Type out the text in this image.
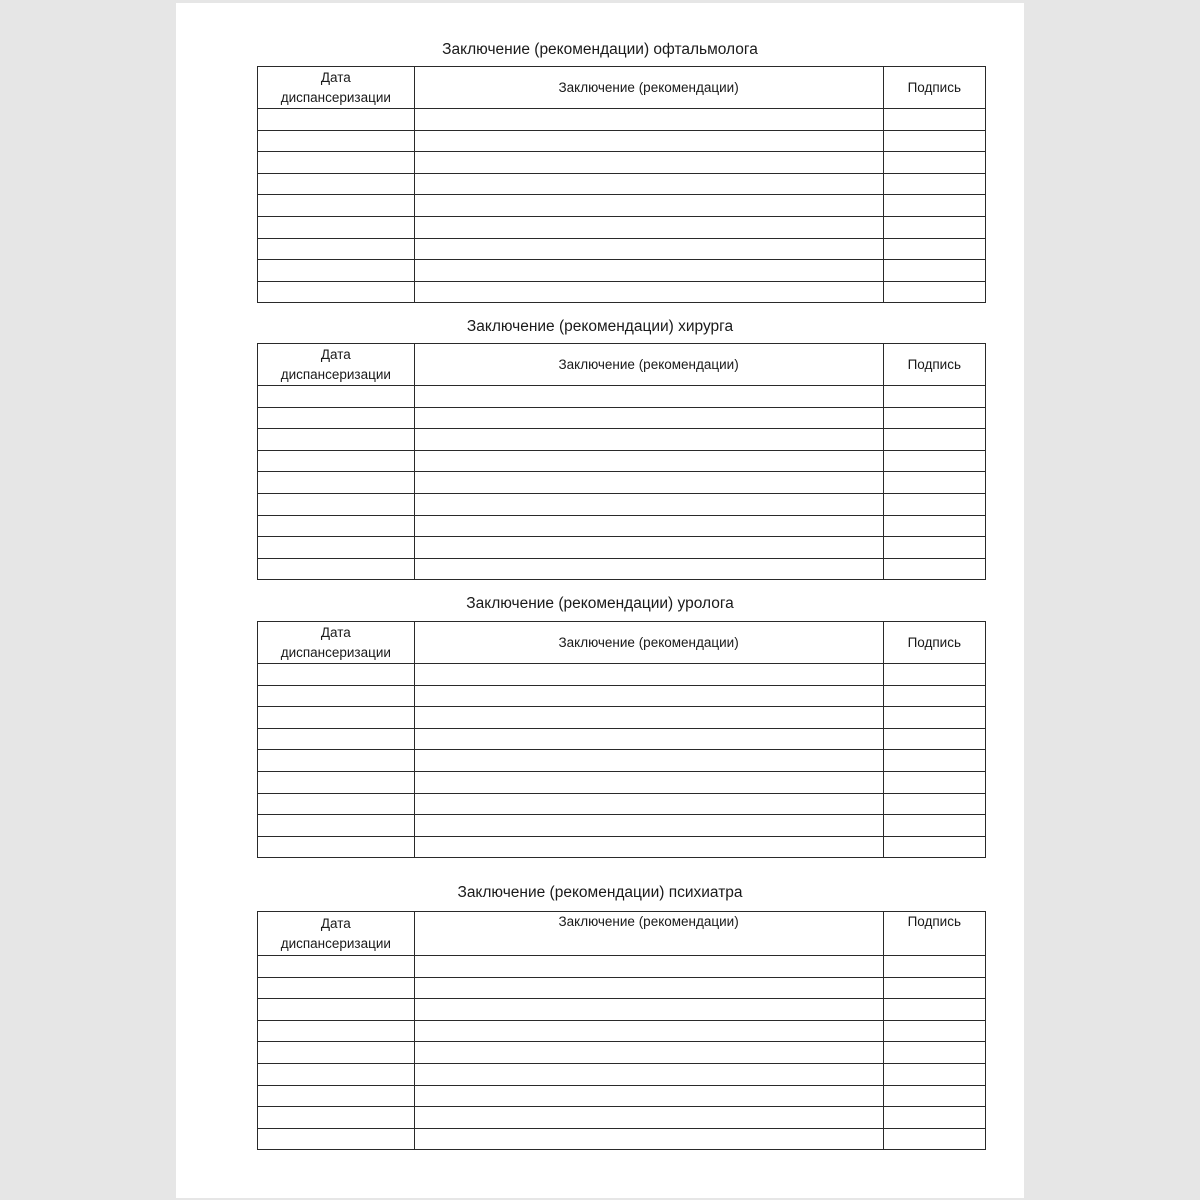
Заключение (рекомендации) офтальмолога
Дата
диспансеризации	Заключение (рекомендации)	Подпись

Заключение (рекомендации) хирурга
Дата
диспансеризации	Заключение (рекомендации)	Подпись

Заключение (рекомендации) уролога
Дата
диспансеризации	Заключение (рекомендации)	Подпись

Заключение (рекомендации) психиатра
Дата
диспансеризации	Заключение (рекомендации)	Подпись
